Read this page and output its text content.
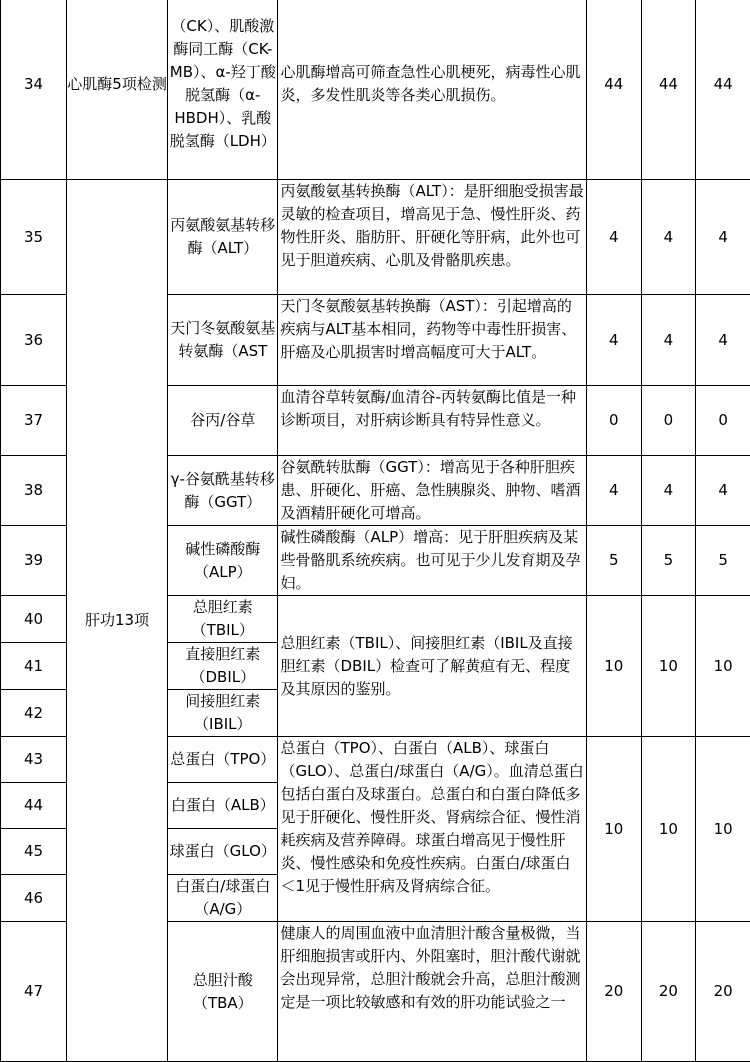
34	心肌酶5项检测	（CK）、肌酸激酶同工酶（CK-MB）、α-羟丁酸脱氢酶（α-HBDH）、乳酸脱氢酶（LDH）	心肌酶增高可筛查急性心肌梗死，病毒性心肌炎，多发性肌炎等各类心肌损伤。	44	44	44
35	肝功13项	丙氨酸氨基转移酶（ALT）	丙氨酸氨基转换酶（ALT）：是肝细胞受损害最灵敏的检查项目，增高见于急、慢性肝炎、药物性肝炎、脂肪肝、肝硬化等肝病，此外也可见于胆道疾病、心肌及骨骼肌疾患。	4	4	4
36		天门冬氨酸氨基转氨酶（AST	天门冬氨酸氨基转换酶（AST）：引起增高的疾病与ALT基本相同，药物等中毒性肝损害、肝癌及心肌损害时增高幅度可大于ALT。	4	4	4
37		谷丙/谷草	血清谷草转氨酶/血清谷-丙转氨酶比值是一种诊断项目，对肝病诊断具有特异性意义。	0	0	0
38		γ-谷氨酰基转移酶（GGT）	谷氨酰转肽酶（GGT）：增高见于各种肝胆疾患、肝硬化、肝癌、急性胰腺炎、肿物、嗜酒及酒精肝硬化可增高。	4	4	4
39		碱性磷酸酶（ALP）	碱性磷酸酶（ALP）增高：见于肝胆疾病及某些骨骼肌系统疾病。也可见于少儿发育期及孕妇。	5	5	5
40		总胆红素（TBIL）	总胆红素（TBIL）、间接胆红素（IBIL及直接胆红素（DBIL）检查可了解黄疸有无、程度及其原因的鉴别。	10	10	10
41		直接胆红素（DBIL）				
42		间接胆红素（IBIL）				
43		总蛋白（TPO）	总蛋白（TPO）、白蛋白（ALB）、球蛋白（GLO）、总蛋白/球蛋白（A/G）。血清总蛋白包括白蛋白及球蛋白。总蛋白和白蛋白降低多见于肝硬化、慢性肝炎、肾病综合征、慢性消耗疾病及营养障碍。球蛋白增高见于慢性肝炎、慢性感染和免疫性疾病。白蛋白/球蛋白＜1见于慢性肝病及肾病综合征。	10	10	10
44		白蛋白（ALB）				
45		球蛋白（GLO）				
46		白蛋白/球蛋白（A/G）				
47		总胆汁酸（TBA）	健康人的周围血液中血清胆汁酸含量极微，当肝细胞损害或肝内、外阻塞时，胆汁酸代谢就会出现异常，总胆汁酸就会升高，总胆汁酸测定是一项比较敏感和有效的肝功能试验之一	20	20	20
